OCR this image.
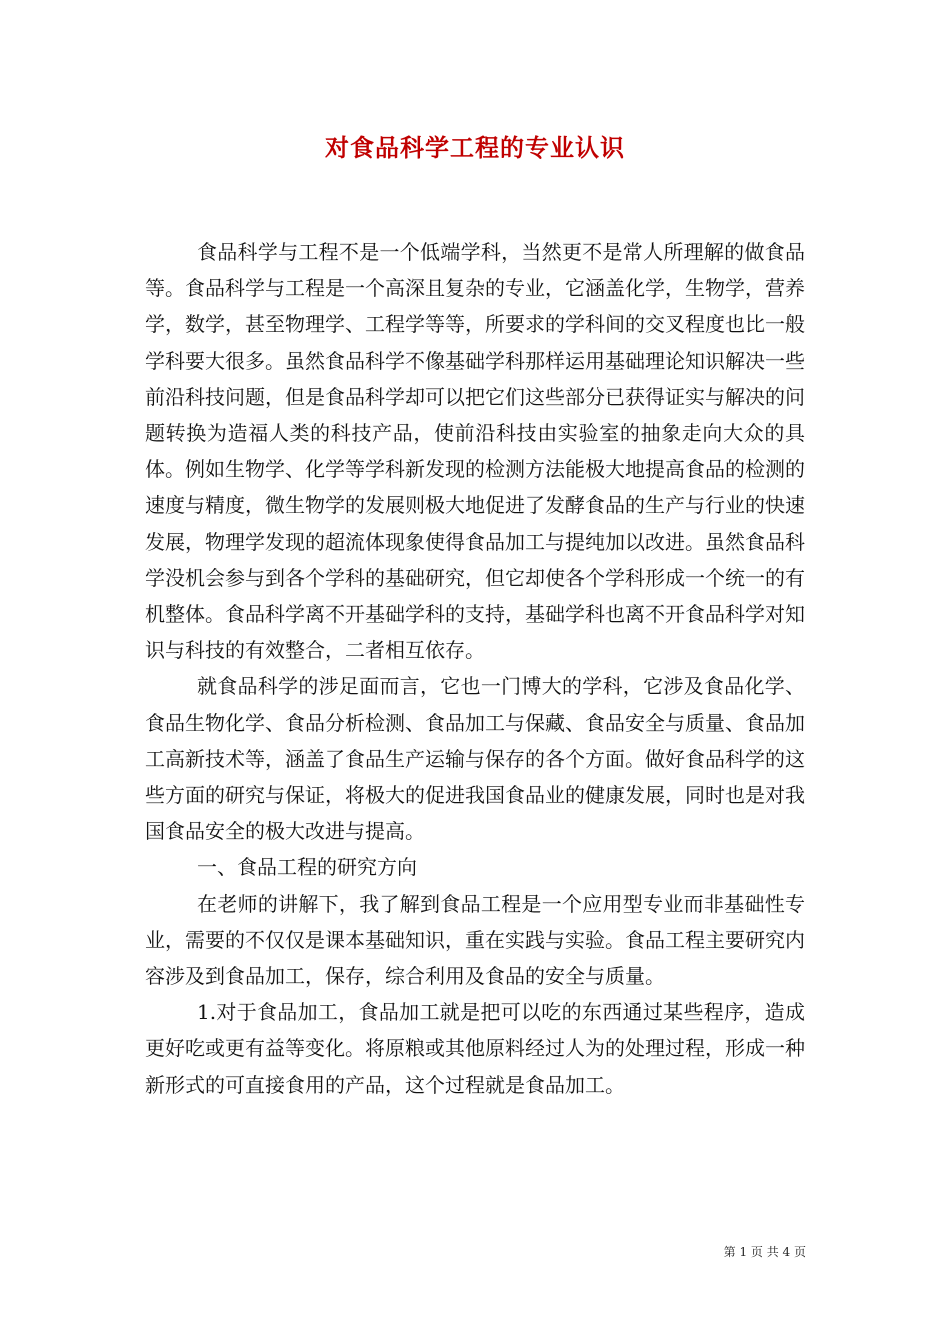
对食品科学工程的专业认识

食品科学与工程不是一个低端学科，当然更不是常人所理解的做食品等。食品科学与工程是一个高深且复杂的专业，它涵盖化学，生物学，营养学，数学，甚至物理学、工程学等等，所要求的学科间的交叉程度也比一般学科要大很多。虽然食品科学不像基础学科那样运用基础理论知识解决一些前沿科技问题，但是食品科学却可以把它们这些部分已获得证实与解决的问题转换为造福人类的科技产品，使前沿科技由实验室的抽象走向大众的具体。例如生物学、化学等学科新发现的检测方法能极大地提高食品的检测的速度与精度，微生物学的发展则极大地促进了发酵食品的生产与行业的快速发展，物理学发现的超流体现象使得食品加工与提纯加以改进。虽然食品科学没机会参与到各个学科的基础研究，但它却使各个学科形成一个统一的有机整体。食品科学离不开基础学科的支持，基础学科也离不开食品科学对知识与科技的有效整合，二者相互依存。

就食品科学的涉足面而言，它也一门博大的学科，它涉及食品化学、食品生物化学、食品分析检测、食品加工与保藏、食品安全与质量、食品加工高新技术等，涵盖了食品生产运输与保存的各个方面。做好食品科学的这些方面的研究与保证，将极大的促进我国食品业的健康发展，同时也是对我国食品安全的极大改进与提高。

一、食品工程的研究方向

在老师的讲解下，我了解到食品工程是一个应用型专业而非基础性专业，需要的不仅仅是课本基础知识，重在实践与实验。食品工程主要研究内容涉及到食品加工，保存，综合利用及食品的安全与质量。

1.对于食品加工，食品加工就是把可以吃的东西通过某些程序，造成更好吃或更有益等变化。将原粮或其他原料经过人为的处理过程，形成一种新形式的可直接食用的产品，这个过程就是食品加工。

第 1 页 共 4 页
